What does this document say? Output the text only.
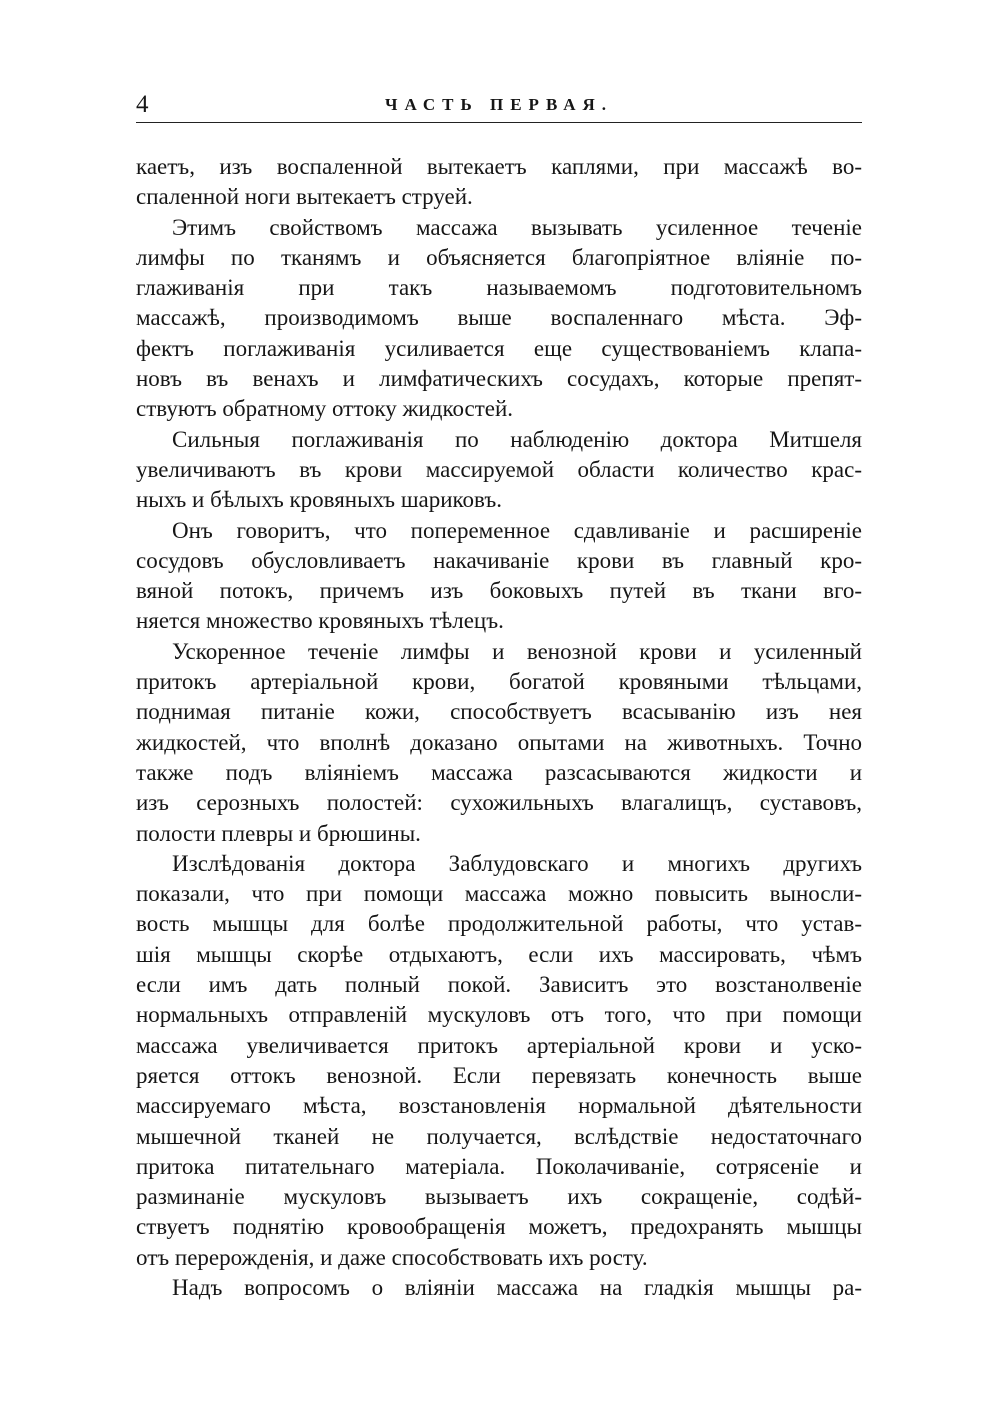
4	ЧАСТЬ ПЕРВАЯ.
каетъ, изъ воспаленной вытекаетъ каплями, при массажѣ во-
спаленной ноги вытекаетъ струей.
Этимъ свойствомъ массажа вызывать усиленное теченіе
лимфы по тканямъ и объясняется благопріятное вліяніе по-
глаживанія при такъ называемомъ подготовительномъ
массажѣ, производимомъ выше воспаленнаго мѣста. Эф-
фектъ поглаживанія усиливается еще существованіемъ клапа-
новъ въ венахъ и лимфатическихъ сосудахъ, которые препят-
ствуютъ обратному оттоку жидкостей.
Сильныя поглаживанія по наблюденію доктора Митшеля
увеличиваютъ въ крови массируемой области количество крас-
ныхъ и бѣлыхъ кровяныхъ шариковъ.
Онъ говоритъ, что попеременное сдавливаніе и расширеніе
сосудовъ обусловливаетъ накачиваніе крови въ главный кро-
вяной потокъ, причемъ изъ боковыхъ путей въ ткани вго-
няется множество кровяныхъ тѣлецъ.
Ускоренное теченіе лимфы и венозной крови и усиленный
притокъ артеріальной крови, богатой кровяными тѣльцами,
поднимая питаніе кожи, способствуетъ всасыванію изъ нея
жидкостей, что вполнѣ доказано опытами на животныхъ. Точно
также подъ вліяніемъ массажа разсасываются жидкости и
изъ серозныхъ полостей: сухожильныхъ влагалищъ, суставовъ,
полости плевры и брюшины.
Изслѣдованія доктора Заблудовскаго и многихъ другихъ
показали, что при помощи массажа можно повысить выносли-
вость мышцы для болѣе продолжительной работы, что устав-
шія мышцы скорѣе отдыхаютъ, если ихъ массировать, чѣмъ
если имъ дать полный покой. Зависитъ это возстанолвеніе
нормальныхъ отправленій мускуловъ отъ того, что при помощи
массажа увеличивается притокъ артеріальной крови и уско-
ряется оттокъ венозной. Если перевязать конечность выше
массируемаго мѣста, возстановленія нормальной дѣятельности
мышечной тканей не получается, вслѣдствіе недостаточнаго
притока питательнаго матеріала. Поколачиваніе, сотрясеніе и
разминаніе мускуловъ вызываетъ ихъ сокращеніе, содѣй-
ствуетъ поднятію кровообращенія можетъ, предохранять мышцы
отъ перерожденія, и даже способствовать ихъ росту.
Надъ вопросомъ о вліяніи массажа на гладкія мышцы ра-
